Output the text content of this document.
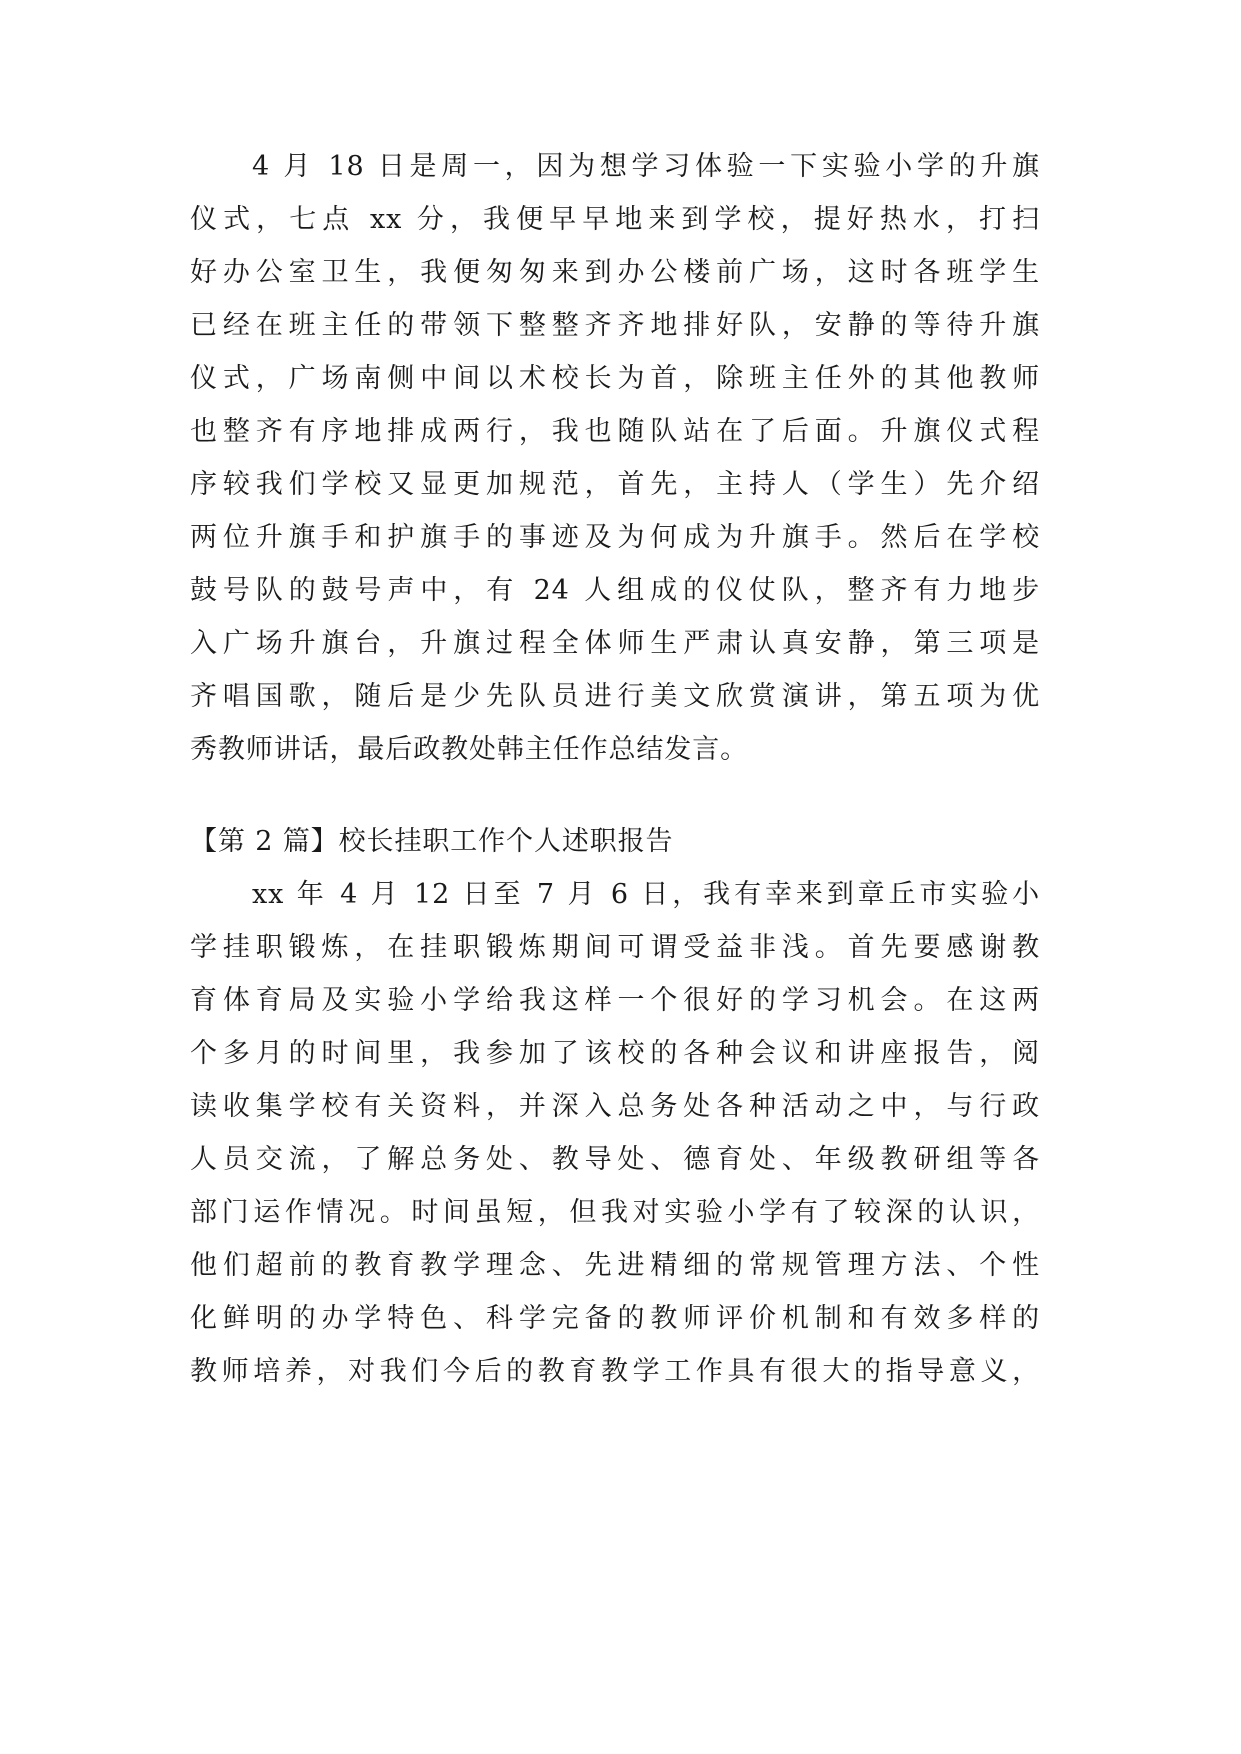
4 月 18 日是周一，因为想学习体验一下实验小学的升旗
仪式，七点 xx 分，我便早早地来到学校，提好热水，打扫
好办公室卫生，我便匆匆来到办公楼前广场，这时各班学生
已经在班主任的带领下整整齐齐地排好队，安静的等待升旗
仪式，广场南侧中间以术校长为首，除班主任外的其他教师
也整齐有序地排成两行，我也随队站在了后面。升旗仪式程
序较我们学校又显更加规范，首先，主持人（学生）先介绍
两位升旗手和护旗手的事迹及为何成为升旗手。然后在学校
鼓号队的鼓号声中，有 24 人组成的仪仗队，整齐有力地步
入广场升旗台，升旗过程全体师生严肃认真安静，第三项是
齐唱国歌，随后是少先队员进行美文欣赏演讲，第五项为优
秀教师讲话，最后政教处韩主任作总结发言。
【第 2 篇】校长挂职工作个人述职报告
xx 年 4 月 12 日至 7 月 6 日，我有幸来到章丘市实验小
学挂职锻炼，在挂职锻炼期间可谓受益非浅。首先要感谢教
育体育局及实验小学给我这样一个很好的学习机会。在这两
个多月的时间里，我参加了该校的各种会议和讲座报告，阅
读收集学校有关资料，并深入总务处各种活动之中，与行政
人员交流，了解总务处、教导处、德育处、年级教研组等各
部门运作情况。时间虽短，但我对实验小学有了较深的认识，
他们超前的教育教学理念、先进精细的常规管理方法、个性
化鲜明的办学特色、科学完备的教师评价机制和有效多样的
教师培养，对我们今后的教育教学工作具有很大的指导意义，
